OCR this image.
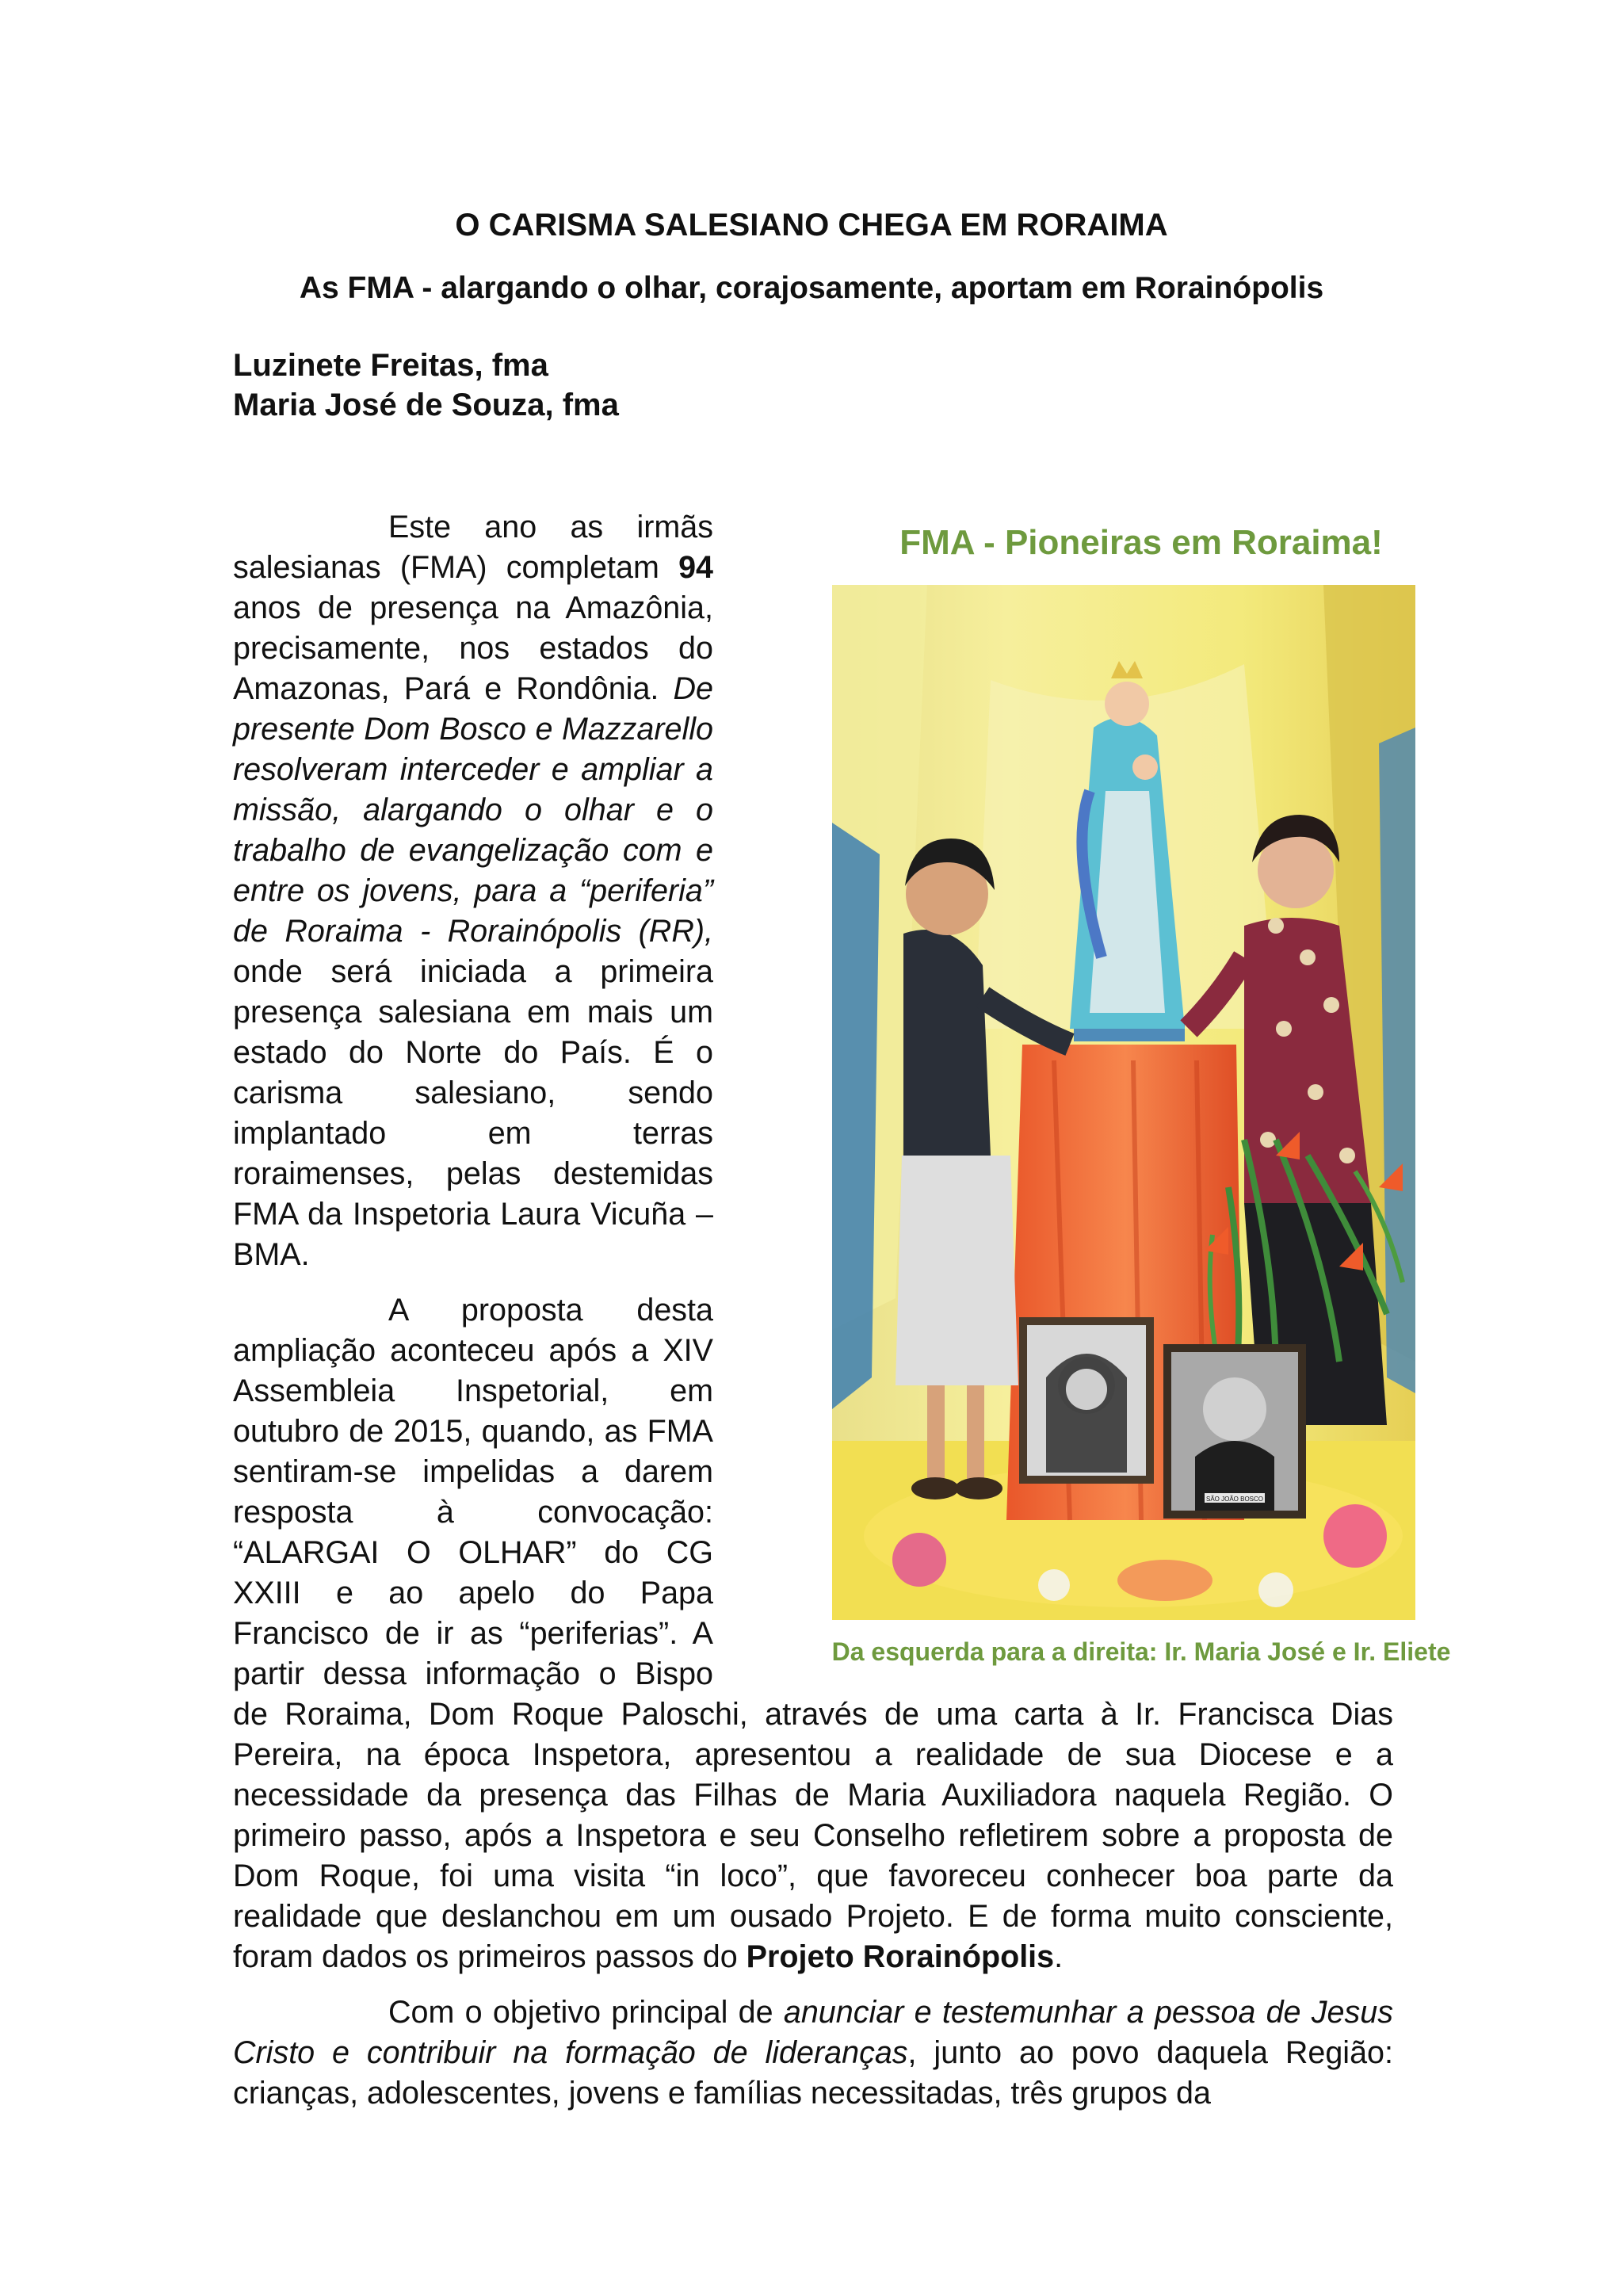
O CARISMA SALESIANO CHEGA EM RORAIMA
As FMA - alargando o olhar, corajosamente, aportam em Rorainópolis
Luzinete Freitas, fma
Maria José de Souza, fma

Este ano as irmãs salesianas (FMA) completam 94 anos de presença na Amazônia, precisamente, nos estados do Amazonas, Pará e Rondônia. De presente Dom Bosco e Mazzarello resolveram interceder e ampliar a missão, alargando o olhar e o trabalho de evangelização com e entre os jovens, para a “periferia” de Roraima - Rorainópolis (RR), onde será iniciada a primeira presença salesiana em mais um estado do Norte do País. É o carisma salesiano, sendo implantado em terras roraimenses, pelas destemidas FMA da Inspetoria Laura Vicuña – BMA.

A proposta desta ampliação aconteceu após a XIV Assembleia Inspetorial, em outubro de 2015, quando, as FMA sentiram-se impelidas a darem resposta à convocação: “ALARGAI O OLHAR” do CG XXIII e ao apelo do Papa Francisco de ir as “periferias”. A partir dessa informação o Bispo de Roraima, Dom Roque Paloschi, através de uma carta à Ir. Francisca Dias Pereira, na época Inspetora, apresentou a realidade de sua Diocese e a necessidade da presença das Filhas de Maria Auxiliadora naquela Região. O primeiro passo, após a Inspetora e seu Conselho refletirem sobre a proposta de Dom Roque, foi uma visita “in loco”, que favoreceu conhecer boa parte da realidade que deslanchou em um ousado Projeto. E de forma muito consciente, foram dados os primeiros passos do Projeto Rorainópolis.

Com o objetivo principal de anunciar e testemunhar a pessoa de Jesus Cristo e contribuir na formação de lideranças, junto ao povo daquela Região: crianças, adolescentes, jovens e famílias necessitadas, três grupos da

FMA - Pioneiras em Roraima!
SÃO JOÃO BOSCO
Da esquerda para a direita: Ir. Maria José e Ir. Eliete
